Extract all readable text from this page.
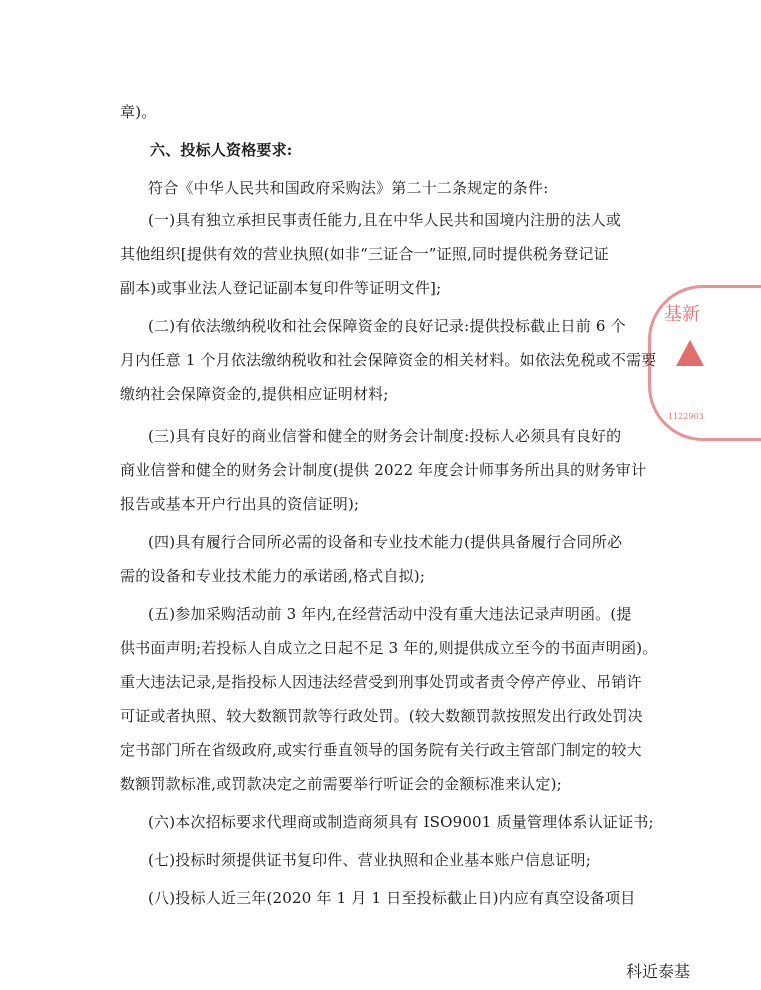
章)。
六、投标人资格要求:
符合《中华人民共和国政府采购法》第二十二条规定的条件:
(一)具有独立承担民事责任能力,且在中华人民共和国境内注册的法人或
其他组织[提供有效的营业执照(如非“三证合一”证照,同时提供税务登记证
副本)或事业法人登记证副本复印件等证明文件];
(二)有依法缴纳税收和社会保障资金的良好记录:提供投标截止日前 6 个
月内任意 1 个月依法缴纳税收和社会保障资金的相关材料。如依法免税或不需要
缴纳社会保障资金的,提供相应证明材料;
(三)具有良好的商业信誉和健全的财务会计制度:投标人必须具有良好的
商业信誉和健全的财务会计制度(提供 2022 年度会计师事务所出具的财务审计
报告或基本开户行出具的资信证明);
(四)具有履行合同所必需的设备和专业技术能力(提供具备履行合同所必
需的设备和专业技术能力的承诺函,格式自拟);
(五)参加采购活动前 3 年内,在经营活动中没有重大违法记录声明函。(提
供书面声明;若投标人自成立之日起不足 3 年的,则提供成立至今的书面声明函)。
重大违法记录,是指投标人因违法经营受到刑事处罚或者责令停产停业、吊销许
可证或者执照、较大数额罚款等行政处罚。(较大数额罚款按照发出行政处罚决
定书部门所在省级政府,或实行垂直领导的国务院有关行政主管部门制定的较大
数额罚款标准,或罚款决定之前需要举行听证会的金额标准来认定);
(六)本次招标要求代理商或制造商须具有 ISO9001 质量管理体系认证证书;
(七)投标时须提供证书复印件、营业执照和企业基本账户信息证明;
(八)投标人近三年(2020 年 1 月 1 日至投标截止日)内应有真空设备项目
基新
1122903
科近泰基
